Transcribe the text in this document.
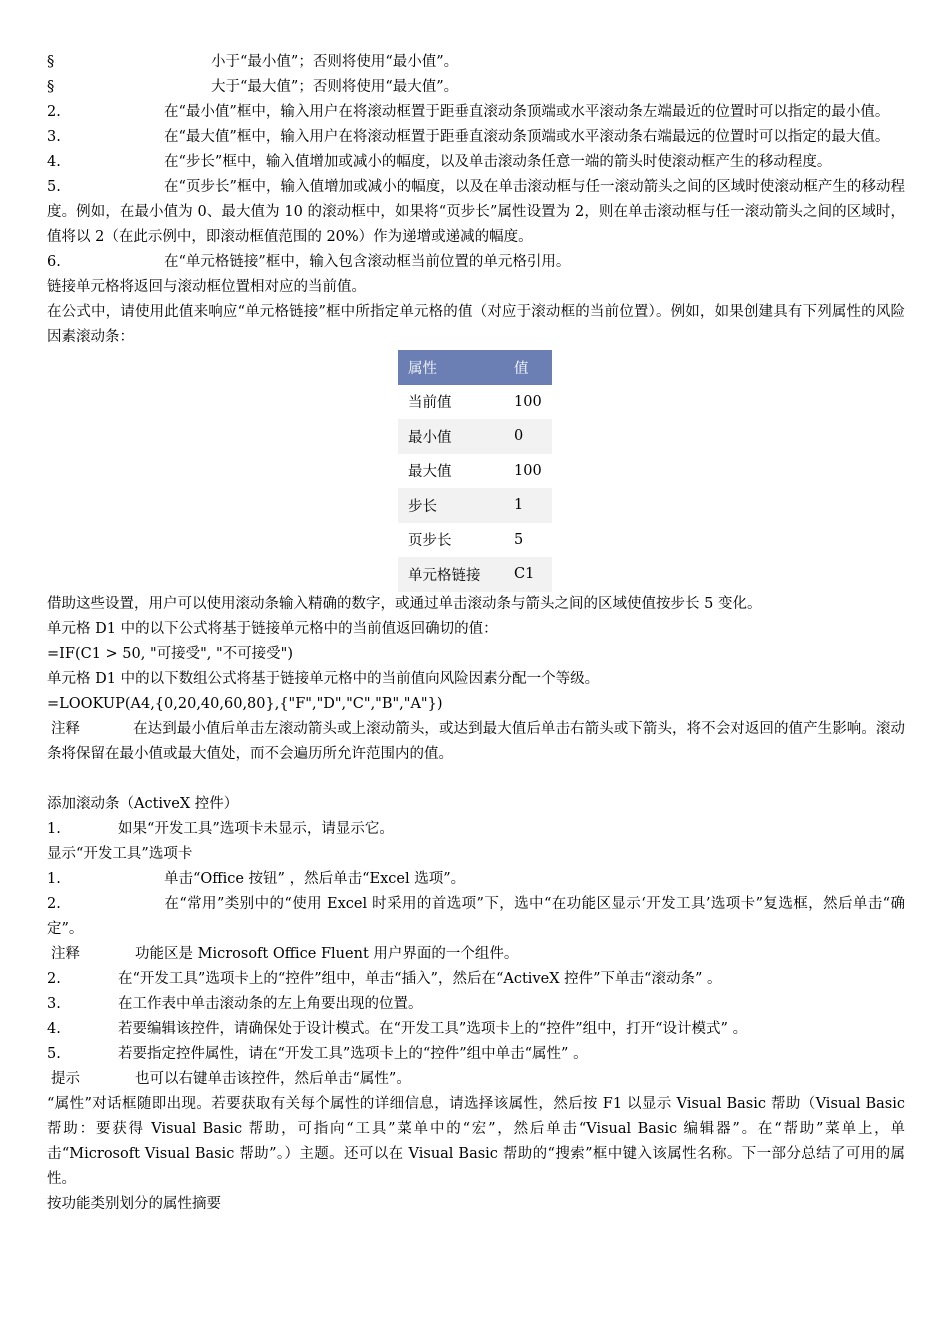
§	小于“最小值”；否则将使用“最小值”。
§	大于“最大值”；否则将使用“最大值”。

2.	在“最小值”框中，输入用户在将滚动框置于距垂直滚动条顶端或水平滚动条左端最近的位置时可以指定的最小值。

3.	在“最大值”框中，输入用户在将滚动框置于距垂直滚动条顶端或水平滚动条右端最远的位置时可以指定的最大值。

4.	在“步长”框中，输入值增加或减小的幅度，以及单击滚动条任意一端的箭头时使滚动框产生的移动程度。

5.	在“页步长”框中，输入值增加或减小的幅度，以及在单击滚动框与任一滚动箭头之间的区域时使滚动框产生的移动程度。例如，在最小值为 0、最大值为 10 的滚动框中，如果将“页步长”属性设置为 2，则在单击滚动框与任一滚动箭头之间的区域时，值将以 2（在此示例中，即滚动框值范围的 20%）作为递增或递减的幅度。

6.	在“单元格链接”框中，输入包含滚动框当前位置的单元格引用。

链接单元格将返回与滚动框位置相对应的当前值。

在公式中，请使用此值来响应“单元格链接”框中所指定单元格的值（对应于滚动框的当前位置）。例如，如果创建具有下列属性的风险因素滚动条：

属性	值
当前值	100
最小值	0
最大值	100
步长	1
页步长	5
单元格链接	C1

借助这些设置，用户可以使用滚动条输入精确的数字，或通过单击滚动条与箭头之间的区域使值按步长 5 变化。

单元格 D1 中的以下公式将基于链接单元格中的当前值返回确切的值：

=IF(C1 > 50, "可接受", "不可接受")

单元格 D1 中的以下数组公式将基于链接单元格中的当前值向风险因素分配一个等级。

=LOOKUP(A4,{0,20,40,60,80},{"F","D","C","B","A"})

注释	在达到最小值后单击左滚动箭头或上滚动箭头，或达到最大值后单击右箭头或下箭头，将不会对返回的值产生影响。滚动条将保留在最小值或最大值处，而不会遍历所允许范围内的值。

添加滚动条（ActiveX 控件）

1.	如果“开发工具”选项卡未显示，请显示它。

显示“开发工具”选项卡

1.	单击“Office 按钮” ，然后单击“Excel 选项”。

2.	在“常用”类别中的“使用 Excel 时采用的首选项”下，选中“在功能区显示‘开发工具’选项卡”复选框，然后单击“确定”。

注释	功能区是 Microsoft Office Fluent 用户界面的一个组件。

2.	在“开发工具”选项卡上的“控件”组中，单击“插入”，然后在“ActiveX 控件”下单击“滚动条” 。

3.	在工作表中单击滚动条的左上角要出现的位置。

4.	若要编辑该控件，请确保处于设计模式。在“开发工具”选项卡上的“控件”组中，打开“设计模式” 。

5.	若要指定控件属性，请在“开发工具”选项卡上的“控件”组中单击“属性” 。

提示	也可以右键单击该控件，然后单击“属性”。

“属性”对话框随即出现。若要获取有关每个属性的详细信息，请选择该属性，然后按 F1 以显示 Visual Basic 帮助（Visual Basic 帮助：要获得 Visual Basic 帮助，可指向“工具”菜单中的“宏”，然后单击“Visual Basic 编辑器”。在“帮助”菜单上，单击“Microsoft Visual Basic 帮助”。）主题。还可以在 Visual Basic 帮助的“搜索”框中键入该属性名称。下一部分总结了可用的属性。

按功能类别划分的属性摘要
